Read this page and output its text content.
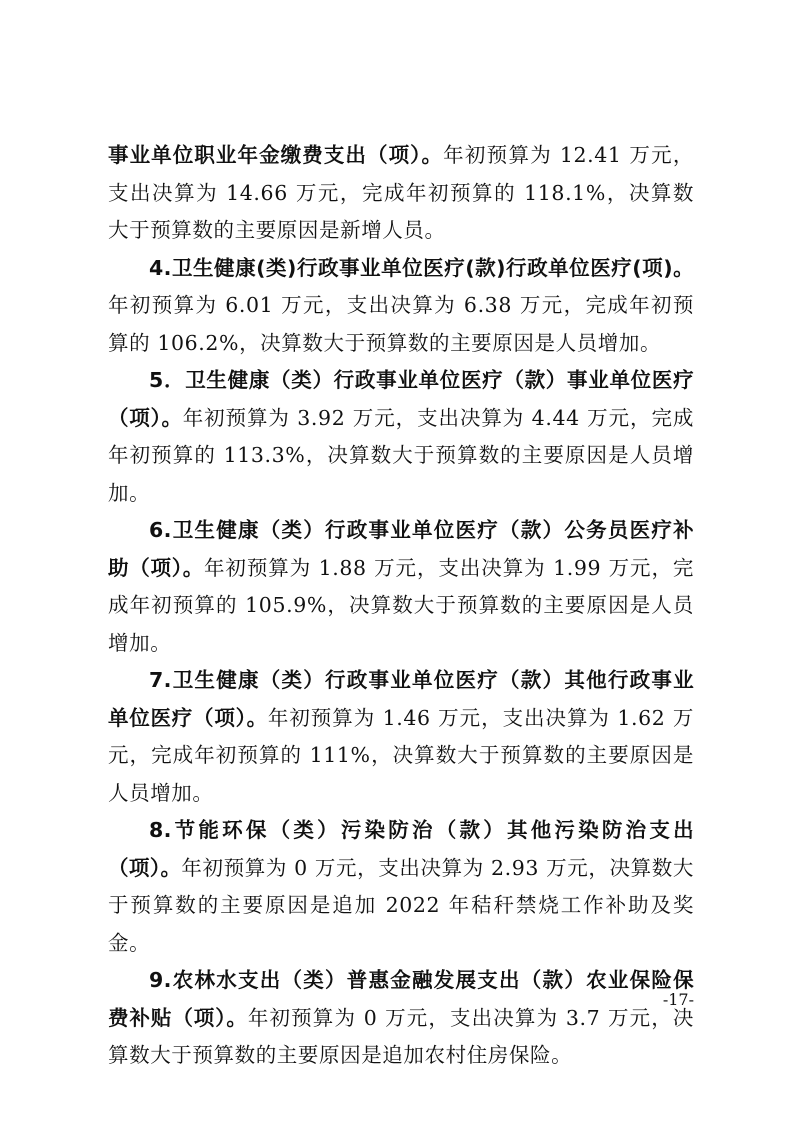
事业单位职业年金缴费支出（项）。年初预算为 12.41 万元，支出决算为 14.66 万元，完成年初预算的 118.1%，决算数大于预算数的主要原因是新增人员。

4.卫生健康(类)行政事业单位医疗(款)行政单位医疗(项)。年初预算为 6.01 万元，支出决算为 6.38 万元，完成年初预算的 106.2%，决算数大于预算数的主要原因是人员增加。

5．卫生健康（类）行政事业单位医疗（款）事业单位医疗（项）。年初预算为 3.92 万元，支出决算为 4.44 万元，完成年初预算的 113.3%，决算数大于预算数的主要原因是人员增加。

6.卫生健康（类）行政事业单位医疗（款）公务员医疗补助（项）。年初预算为 1.88 万元，支出决算为 1.99 万元，完成年初预算的 105.9%，决算数大于预算数的主要原因是人员增加。

7.卫生健康（类）行政事业单位医疗（款）其他行政事业单位医疗（项）。年初预算为 1.46 万元，支出决算为 1.62 万元，完成年初预算的 111%，决算数大于预算数的主要原因是人员增加。

8.节能环保（类）污染防治（款）其他污染防治支出（项）。年初预算为 0 万元，支出决算为 2.93 万元，决算数大于预算数的主要原因是追加 2022 年秸秆禁烧工作补助及奖金。

9.农林水支出（类）普惠金融发展支出（款）农业保险保费补贴（项）。年初预算为 0 万元，支出决算为 3.7 万元，决算数大于预算数的主要原因是追加农村住房保险。

-17-
